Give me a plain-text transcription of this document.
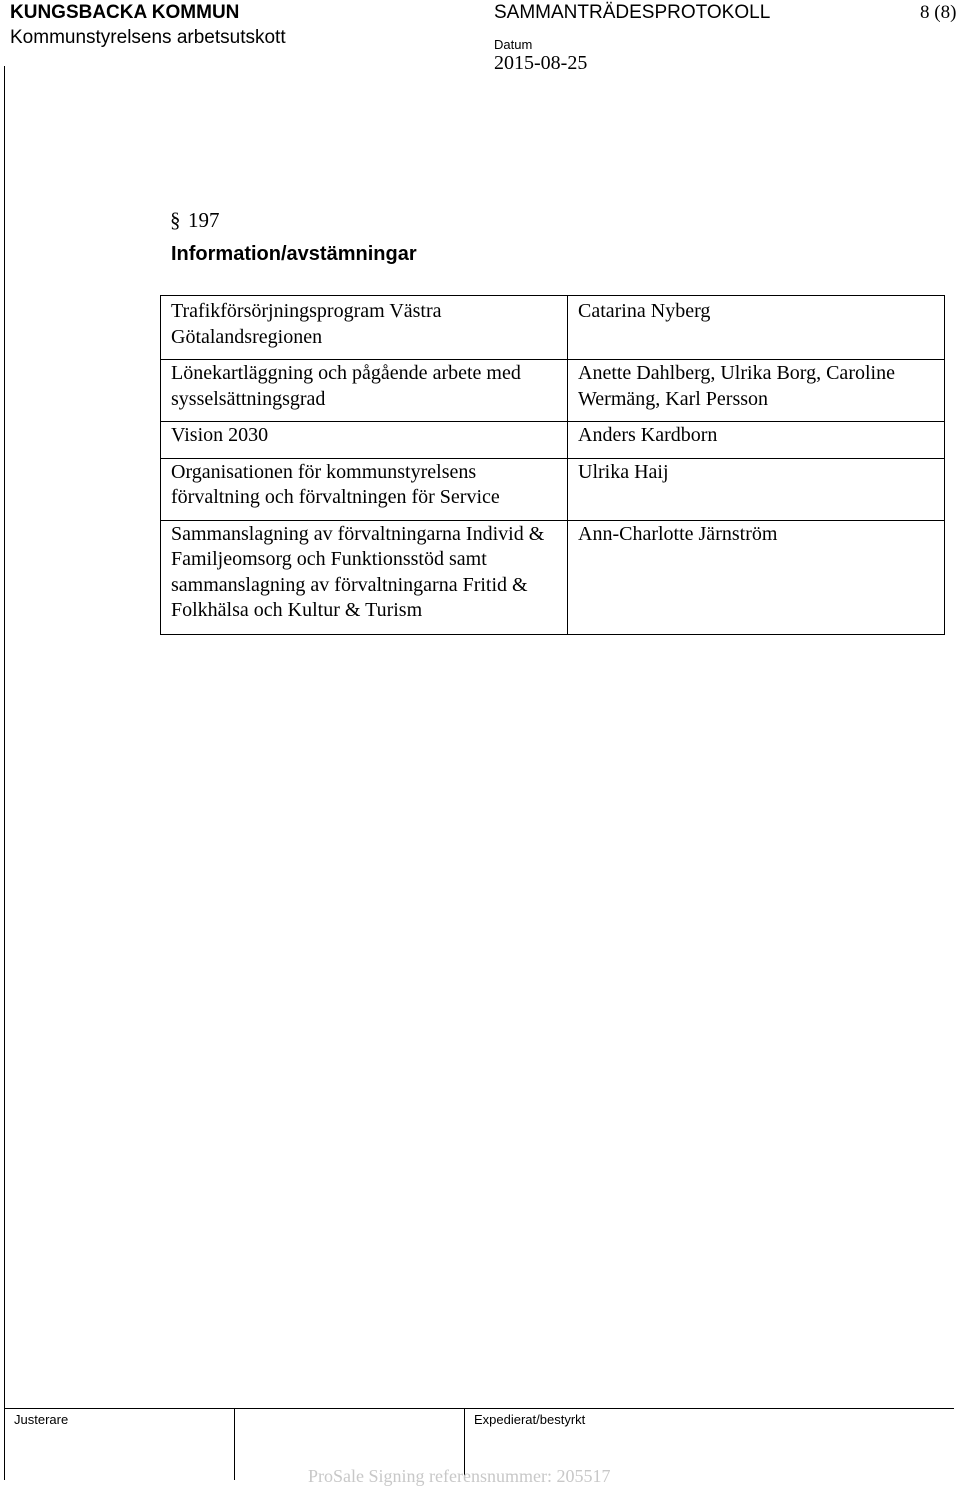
KUNGSBACKA KOMMUN
Kommunstyrelsens arbetsutskott
SAMMANTRÄDESPROTOKOLL	8 (8)
Datum
2015-08-25
§ 197
Information/avstämningar
Trafikförsörjningsprogram Västra Götalandsregionen	Catarina Nyberg
Lönekartläggning och pågående arbete med sysselsättningsgrad	Anette Dahlberg, Ulrika Borg, Caroline Wermäng, Karl Persson
Vision 2030	Anders Kardborn
Organisationen för kommunstyrelsens förvaltning och förvaltningen för Service	Ulrika Haij
Sammanslagning av förvaltningarna Individ & Familjeomsorg och Funktionsstöd samt sammanslagning av förvaltningarna Fritid & Folkhälsa och Kultur & Turism	Ann-Charlotte Järnström
Justerare	Expedierat/bestyrkt
ProSale Signing referensnummer: 205517
